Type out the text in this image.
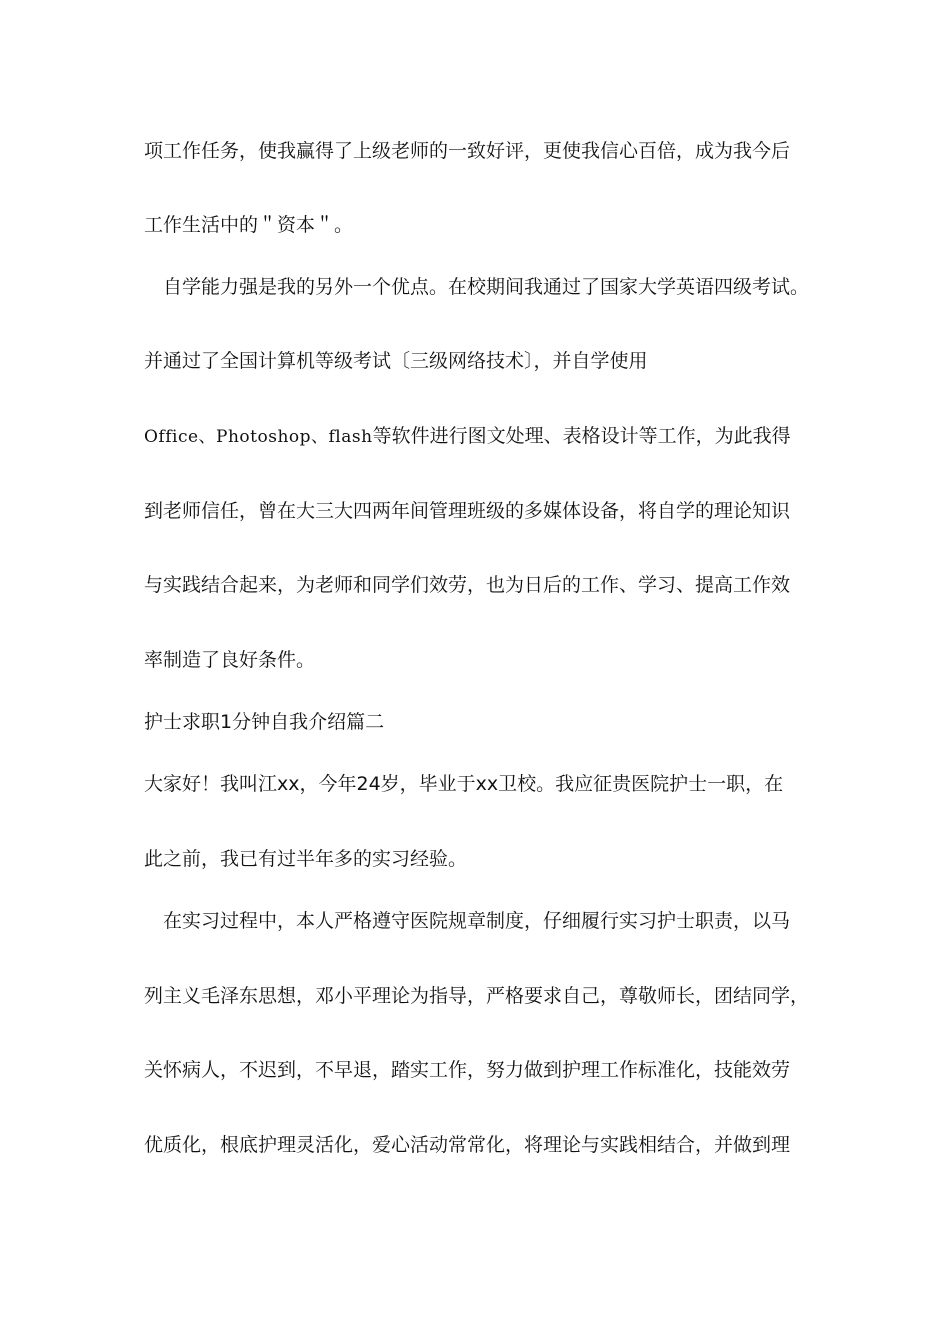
项工作任务，使我赢得了上级老师的一致好评，更使我信心百倍，成为我今后
工作生活中的＂资本＂。
　自学能力强是我的另外一个优点。在校期间我通过了国家大学英语四级考试。
并通过了全国计算机等级考试〔三级网络技术〕，并自学使用
Office、Photoshop、flash等软件进行图文处理、表格设计等工作，为此我得
到老师信任，曾在大三大四两年间管理班级的多媒体设备，将自学的理论知识
与实践结合起来，为老师和同学们效劳，也为日后的工作、学习、提高工作效
率制造了良好条件。
护士求职1分钟自我介绍篇二
大家好！我叫江xx，今年24岁，毕业于xx卫校。我应征贵医院护士一职，在
此之前，我已有过半年多的实习经验。
　在实习过程中，本人严格遵守医院规章制度，仔细履行实习护士职责，以马
列主义毛泽东思想，邓小平理论为指导，严格要求自己，尊敬师长，团结同学，
关怀病人，不迟到，不早退，踏实工作，努力做到护理工作标准化，技能效劳
优质化，根底护理灵活化，爱心活动常常化，将理论与实践相结合，并做到理
